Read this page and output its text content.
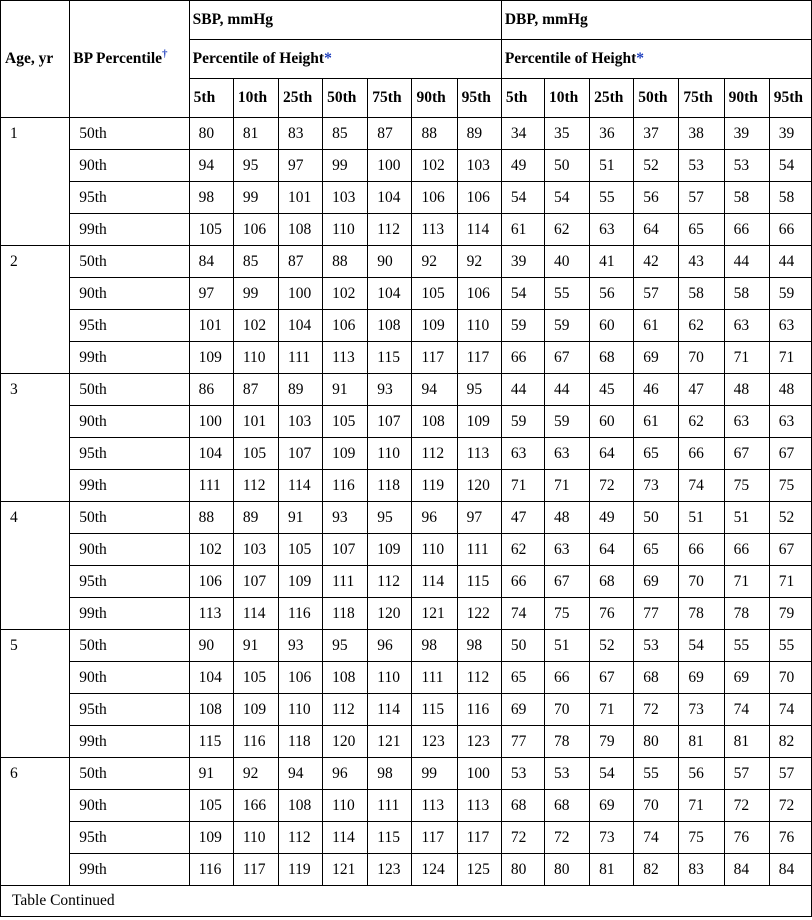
Age, yr	BP Percentile†	SBP, mmHg							DBP, mmHg						
		Percentile of Height*							Percentile of Height*						
		5th	10th	25th	50th	75th	90th	95th	5th	10th	25th	50th	75th	90th	95th
1	50th	80	81	83	85	87	88	89	34	35	36	37	38	39	39
	90th	94	95	97	99	100	102	103	49	50	51	52	53	53	54
	95th	98	99	101	103	104	106	106	54	54	55	56	57	58	58
	99th	105	106	108	110	112	113	114	61	62	63	64	65	66	66
2	50th	84	85	87	88	90	92	92	39	40	41	42	43	44	44
	90th	97	99	100	102	104	105	106	54	55	56	57	58	58	59
	95th	101	102	104	106	108	109	110	59	59	60	61	62	63	63
	99th	109	110	111	113	115	117	117	66	67	68	69	70	71	71
3	50th	86	87	89	91	93	94	95	44	44	45	46	47	48	48
	90th	100	101	103	105	107	108	109	59	59	60	61	62	63	63
	95th	104	105	107	109	110	112	113	63	63	64	65	66	67	67
	99th	111	112	114	116	118	119	120	71	71	72	73	74	75	75
4	50th	88	89	91	93	95	96	97	47	48	49	50	51	51	52
	90th	102	103	105	107	109	110	111	62	63	64	65	66	66	67
	95th	106	107	109	111	112	114	115	66	67	68	69	70	71	71
	99th	113	114	116	118	120	121	122	74	75	76	77	78	78	79
5	50th	90	91	93	95	96	98	98	50	51	52	53	54	55	55
	90th	104	105	106	108	110	111	112	65	66	67	68	69	69	70
	95th	108	109	110	112	114	115	116	69	70	71	72	73	74	74
	99th	115	116	118	120	121	123	123	77	78	79	80	81	81	82
6	50th	91	92	94	96	98	99	100	53	53	54	55	56	57	57
	90th	105	166	108	110	111	113	113	68	68	69	70	71	72	72
	95th	109	110	112	114	115	117	117	72	72	73	74	75	76	76
	99th	116	117	119	121	123	124	125	80	80	81	82	83	84	84
Table Continued															
